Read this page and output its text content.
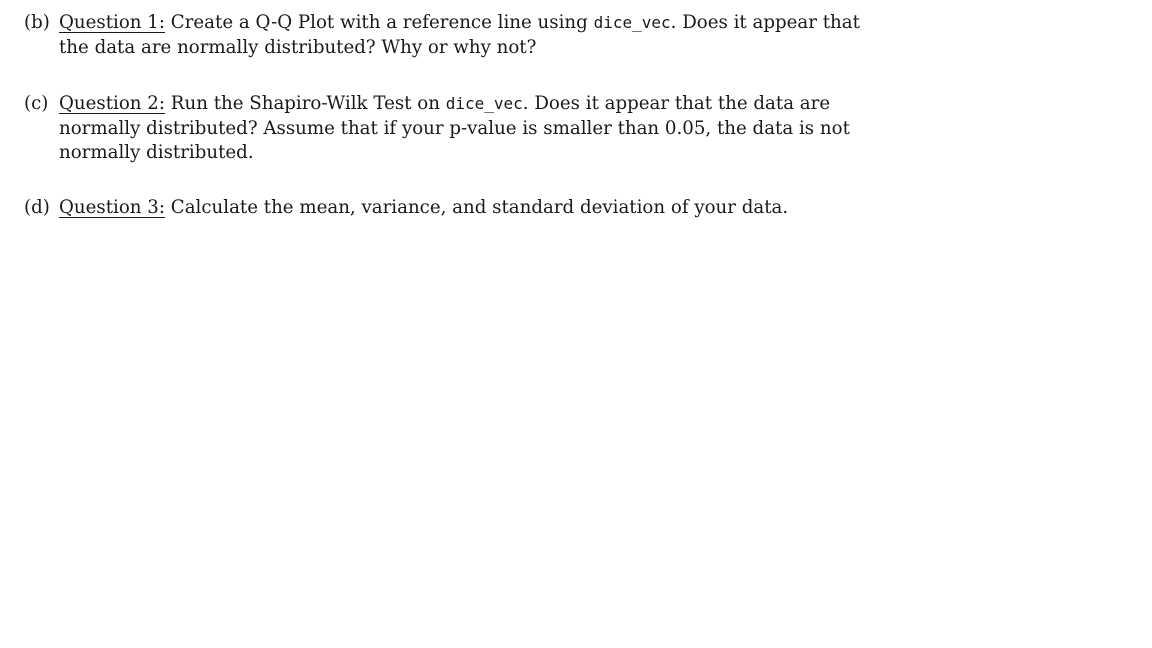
(b) Question 1: Create a Q-Q Plot with a reference line using dice_vec. Does it appear that
the data are normally distributed? Why or why not?
(c) Question 2: Run the Shapiro-Wilk Test on dice_vec. Does it appear that the data are
normally distributed? Assume that if your p-value is smaller than 0.05, the data is not
normally distributed.
(d) Question 3: Calculate the mean, variance, and standard deviation of your data.
